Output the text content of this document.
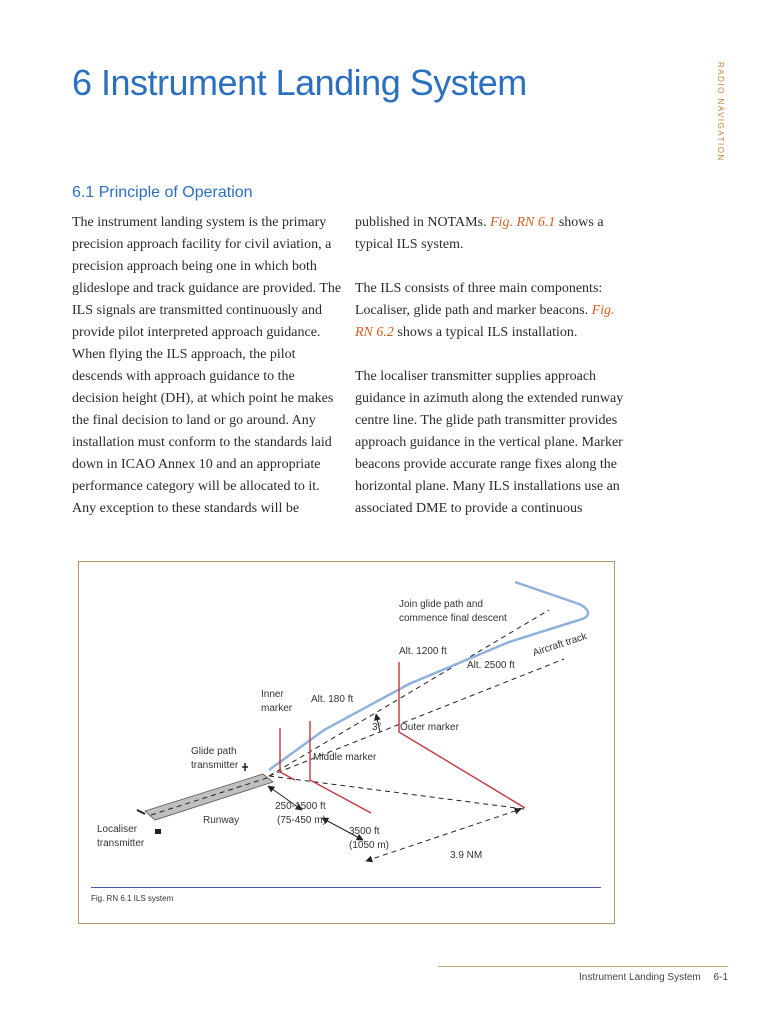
6 Instrument Landing System	RADIO NAVIGATION
6.1 Principle of Operation

The instrument landing system is the primary precision approach facility for civil aviation, a precision approach being one in which both glideslope and track guidance are provided. The ILS signals are transmitted continuously and provide pilot interpreted approach guidance. When flying the ILS approach, the pilot descends with approach guidance to the decision height (DH), at which point he makes the final decision to land or go around. Any installation must conform to the standards laid down in ICAO Annex 10 and an appropriate performance category will be allocated to it. Any exception to these standards will be

published in NOTAMs. Fig. RN 6.1 shows a typical ILS system.

The ILS consists of three main components: Localiser, glide path and marker beacons. Fig. RN 6.2 shows a typical ILS installation.

The localiser transmitter supplies approach guidance in azimuth along the extended runway centre line. The glide path transmitter provides approach guidance in the vertical plane. Marker beacons provide accurate range fixes along the horizontal plane. Many ILS installations use an associated DME to provide a continuous

Join glide path and
commence final descent
Alt. 1200 ft
Alt. 2500 ft
Aircraft track
Inner
marker
Alt. 180 ft
3° Outer marker
Glide path
transmitter
Middle marker
250-1500 ft
(75-450 m)
Runway
Localiser
transmitter
3500 ft
(1050 m)
3.9 NM
Fig. RN 6.1 ILS system
Instrument Landing System 6-1
